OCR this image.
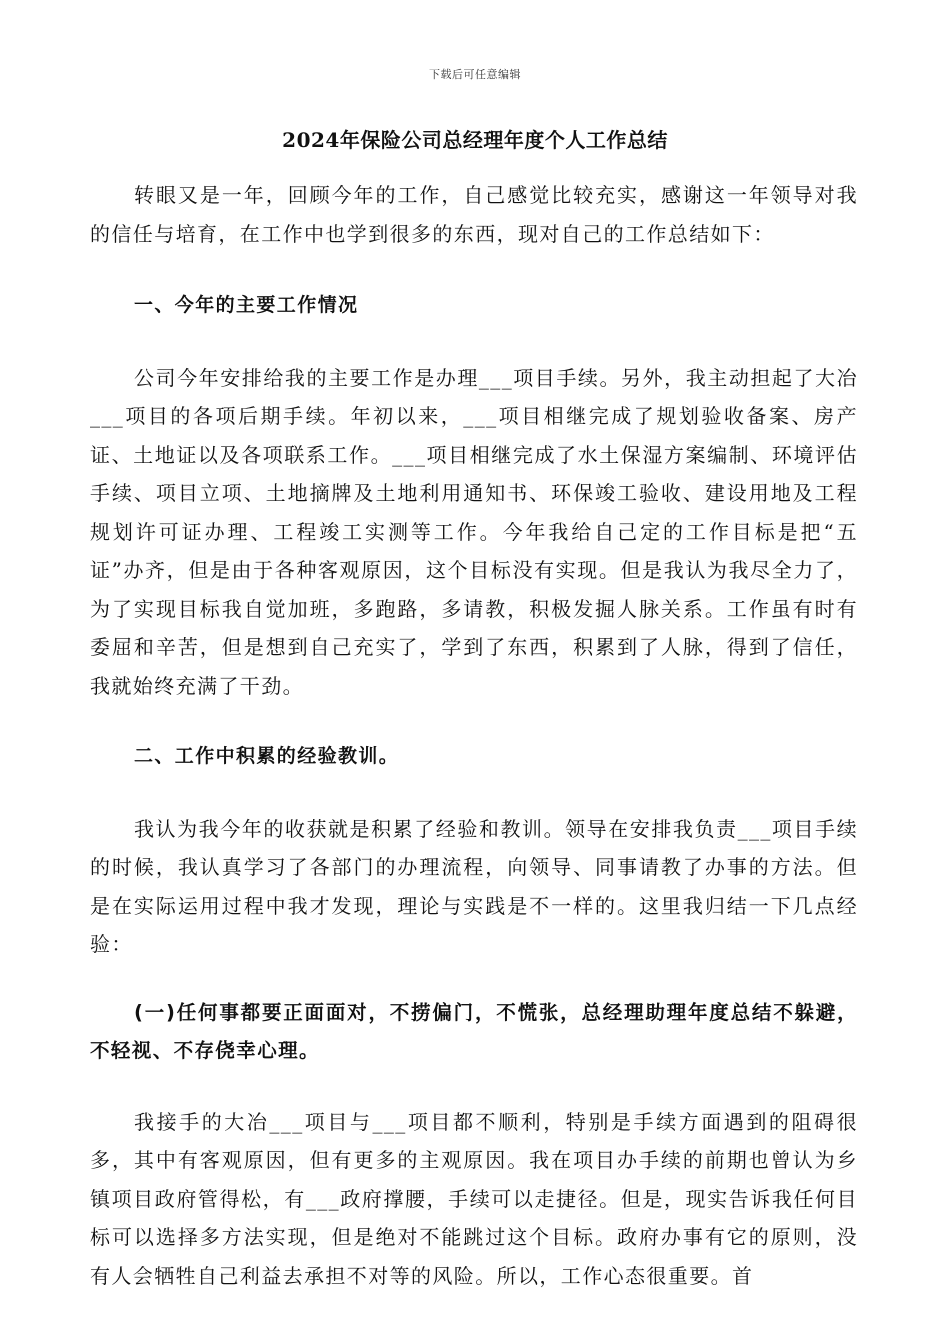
下载后可任意编辑
2024年保险公司总经理年度个人工作总结

转眼又是一年，回顾今年的工作，自己感觉比较充实，感谢这一年领导对我的信任与培育，在工作中也学到很多的东西，现对自己的工作总结如下：

一、今年的主要工作情况

公司今年安排给我的主要工作是办理___项目手续。另外，我主动担起了大冶___项目的各项后期手续。年初以来，___项目相继完成了规划验收备案、房产证、土地证以及各项联系工作。___项目相继完成了水土保湿方案编制、环境评估手续、项目立项、土地摘牌及土地利用通知书、环保竣工验收、建设用地及工程规划许可证办理、工程竣工实测等工作。今年我给自己定的工作目标是把“五证”办齐，但是由于各种客观原因，这个目标没有实现。但是我认为我尽全力了，为了实现目标我自觉加班，多跑路，多请教，积极发掘人脉关系。工作虽有时有委屈和辛苦，但是想到自己充实了，学到了东西，积累到了人脉，得到了信任，我就始终充满了干劲。

二、工作中积累的经验教训。

我认为我今年的收获就是积累了经验和教训。领导在安排我负责___项目手续的时候，我认真学习了各部门的办理流程，向领导、同事请教了办事的方法。但是在实际运用过程中我才发现，理论与实践是不一样的。这里我归结一下几点经验：

(一)任何事都要正面面对，不捞偏门，不慌张，总经理助理年度总结不躲避，不轻视、不存侥幸心理。

我接手的大冶___项目与___项目都不顺利，特别是手续方面遇到的阻碍很多，其中有客观原因，但有更多的主观原因。我在项目办手续的前期也曾认为乡镇项目政府管得松，有___政府撑腰，手续可以走捷径。但是，现实告诉我任何目标可以选择多方法实现，但是绝对不能跳过这个目标。政府办事有它的原则，没有人会牺牲自己利益去承担不对等的风险。所以，工作心态很重要。首
